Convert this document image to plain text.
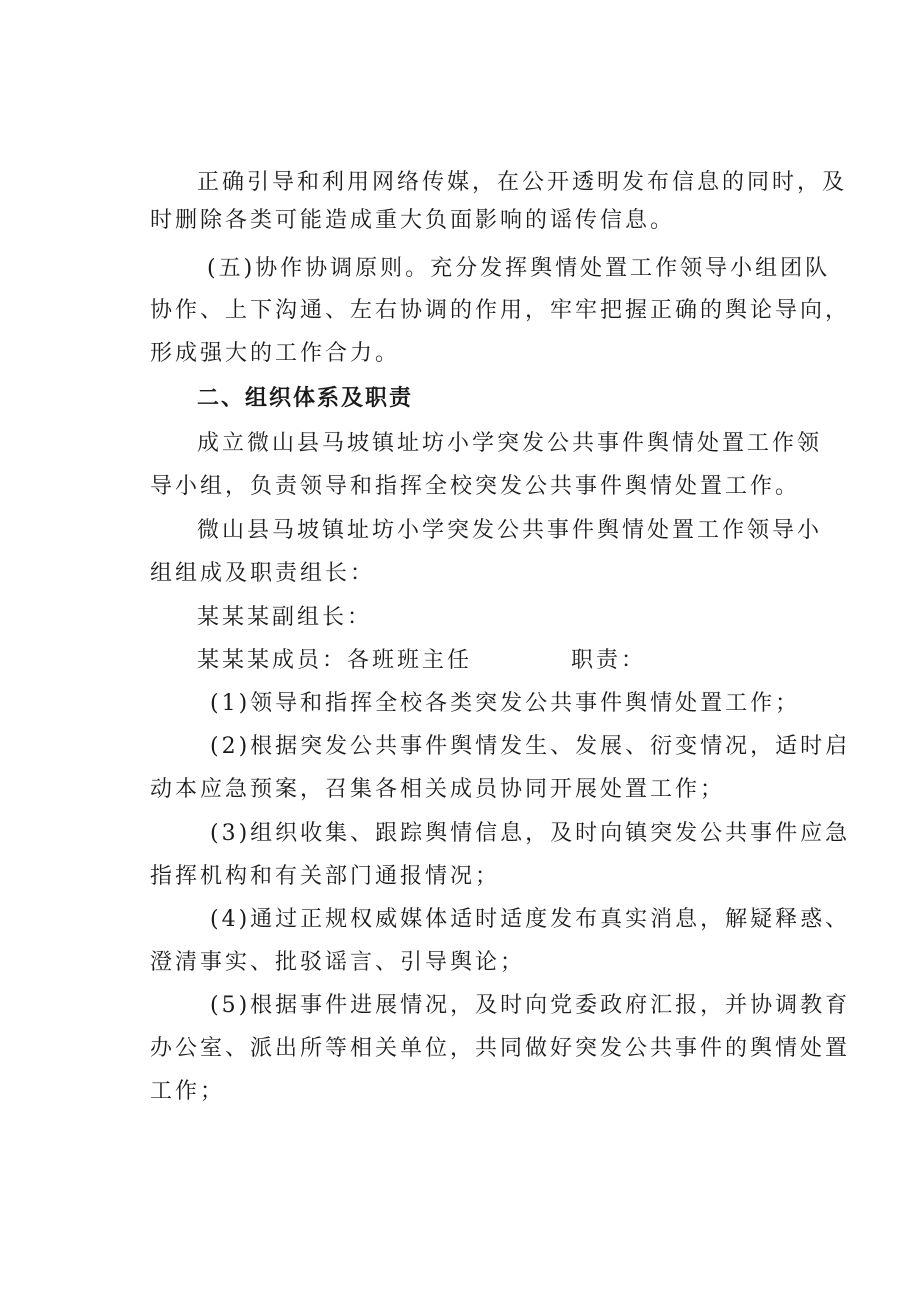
正确引导和利用网络传媒，在公开透明发布信息的同时，及
时删除各类可能造成重大负面影响的谣传信息。
(五)协作协调原则。充分发挥舆情处置工作领导小组团队
协作、上下沟通、左右协调的作用，牢牢把握正确的舆论导向，
形成强大的工作合力。
二、组织体系及职责
成立微山县马坡镇址坊小学突发公共事件舆情处置工作领
导小组，负责领导和指挥全校突发公共事件舆情处置工作。
微山县马坡镇址坊小学突发公共事件舆情处置工作领导小
组组成及职责组长：
某某某副组长：
某某某成员：各班班主任	职责：
(1)领导和指挥全校各类突发公共事件舆情处置工作；
(2)根据突发公共事件舆情发生、发展、衍变情况，适时启
动本应急预案，召集各相关成员协同开展处置工作；
(3)组织收集、跟踪舆情信息，及时向镇突发公共事件应急
指挥机构和有关部门通报情况；
(4)通过正规权威媒体适时适度发布真实消息，解疑释惑、
澄清事实、批驳谣言、引导舆论；
(5)根据事件进展情况，及时向党委政府汇报，并协调教育
办公室、派出所等相关单位，共同做好突发公共事件的舆情处置
工作；
